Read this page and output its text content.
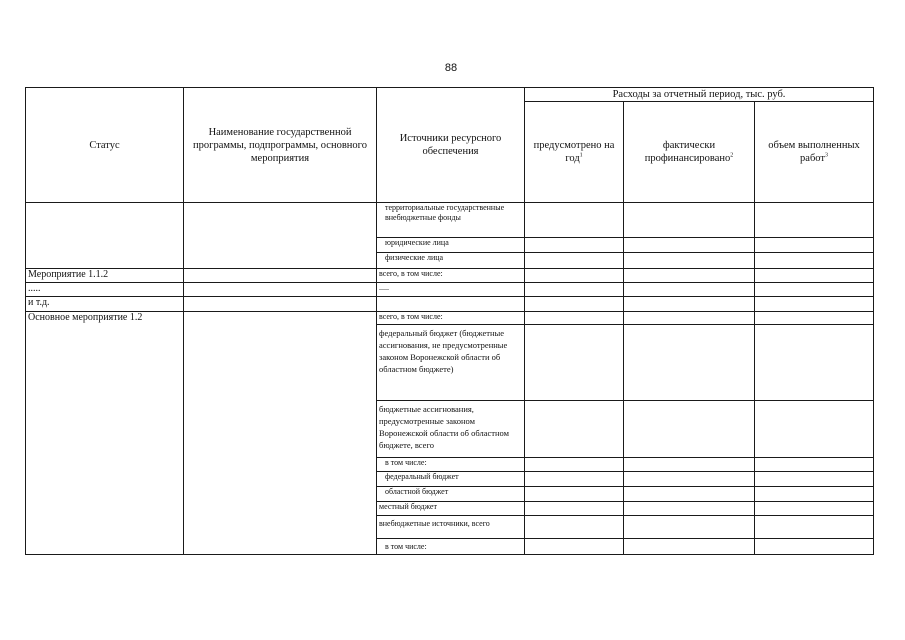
88
Статус	Наименование государственной программы, подпрограммы, основного мероприятия	Источники ресурсного обеспечения	Расходы за отчетный период, тыс. руб.		
			предусмотрено на год$^1$	фактически профинансировано$^2$	объем выполненных работ$^3$
		территориальные государственные внебюджетные фонды			
		юридические лица			
		физические лица			
Мероприятие 1.1.2		всего, в том числе:			
.....		.....			
и т.д.					
Основное мероприятие 1.2		всего, в том числе:			
		федеральный бюджет (бюджетные ассигнования, не предусмотренные законом Воронежской области об областном бюджете)			
		бюджетные ассигнования, предусмотренные законом Воронежской области об областном бюджете, всего			
		в том числе:			
		федеральный бюджет			
		областной бюджет			
		местный бюджет			
		внебюджетные источники, всего			
		в том числе:			
